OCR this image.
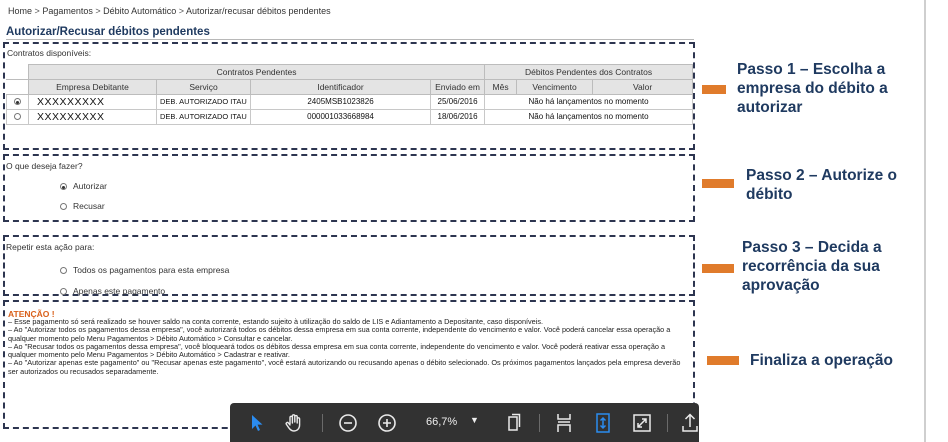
Home > Pagamentos > Débito Automático > Autorizar/recusar débitos pendentes
Autorizar/Recusar débitos pendentes
Contratos disponíveis:
	Contratos Pendentes				Débitos Pendentes dos Contratos		
	Empresa Debitante	Serviço	Identificador	Enviado em	Mês	Vencimento	Valor
	XXXXXXXXX	DEB. AUTORIZADO ITAU	2405MSB1023826	25/06/2016	Não há lançamentos no momento		
	XXXXXXXXX	DEB. AUTORIZADO ITAU	000001033668984	18/06/2016	Não há lançamentos no momento		
O que deseja fazer?
Autorizar
Recusar
Repetir esta ação para:
Todos os pagamentos para esta empresa
Apenas este pagamento
ATENÇÃO !

– Esse pagamento só será realizado se houver saldo na conta corrente, estando sujeito à utilização do saldo de LIS e Adiantamento a Depositante, caso disponíveis.

– Ao "Autorizar todos os pagamentos dessa empresa", você autorizará todos os débitos dessa empresa em sua conta corrente, independente do vencimento e valor. Você poderá cancelar essa operação a qualquer momento pelo Menu Pagamentos > Débito Automático > Consultar e cancelar.

– Ao "Recusar todos os pagamentos dessa empresa", você bloqueará todos os débitos dessa empresa em sua conta corrente, independente do vencimento e valor. Você poderá reativar essa operação a qualquer momento pelo Menu Pagamentos > Débito Automático > Cadastrar e reativar.

– Ao "Autorizar apenas este pagamento" ou "Recusar apenas este pagamento", você estará autorizando ou recusando apenas o débito selecionado. Os próximos pagamentos lançados pela empresa deverão ser autorizados ou recusados separadamente.

Passo 1 – Escolha a empresa do débito a autorizar
Passo 2 – Autorize o débito
Passo 3 – Decida a recorrência da sua aprovação
Finaliza a operação
66,7% ▼
